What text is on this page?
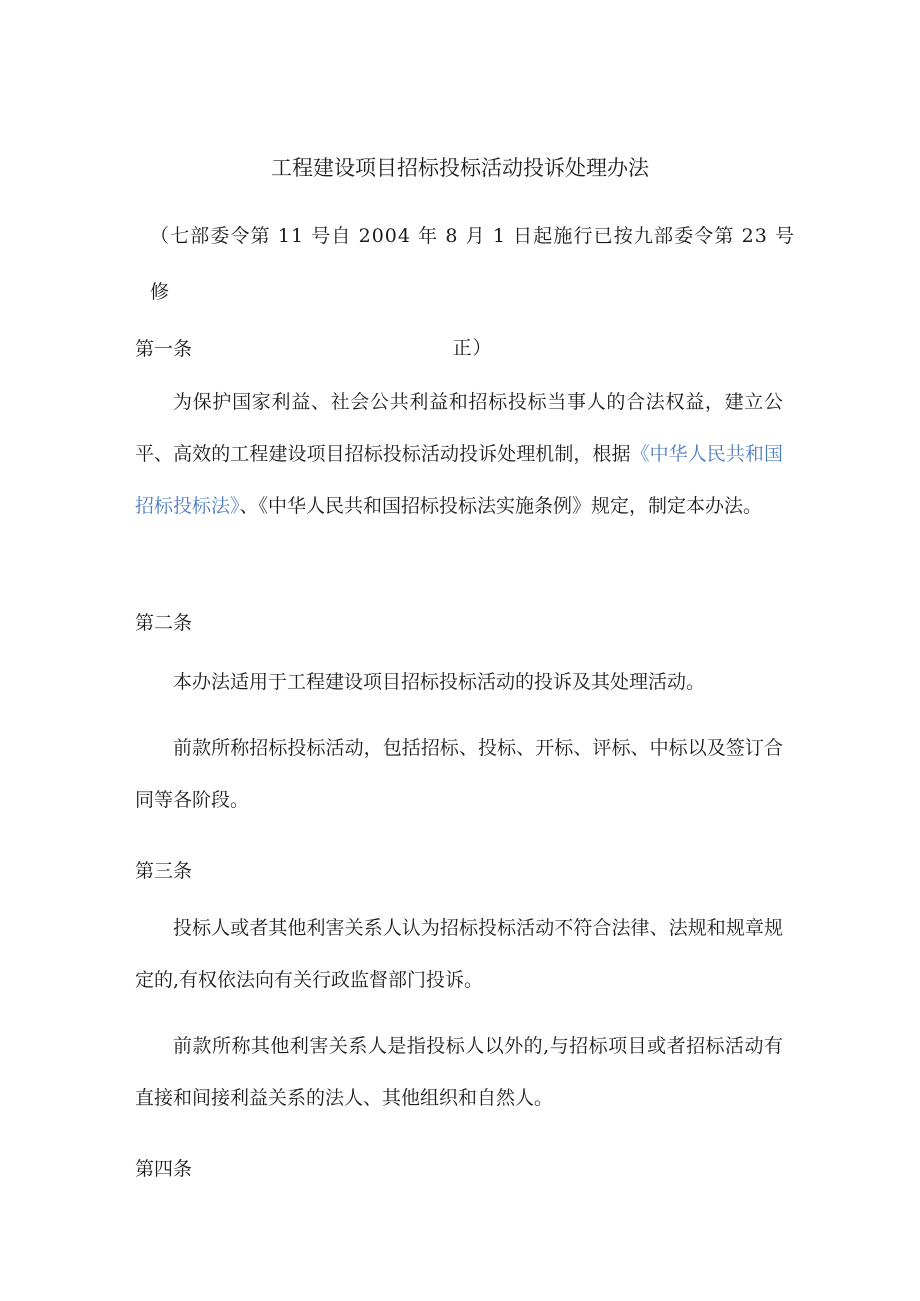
工程建设项目招标投标活动投诉处理办法

（七部委令第 11 号自 2004 年 8 月 1 日起施行已按九部委令第 23 号修
正）

第一条

为保护国家利益、社会公共利益和招标投标当事人的合法权益，建立公平、高效的工程建设项目招标投标活动投诉处理机制，根据《中华人民共和国招标投标法》、《中华人民共和国招标投标法实施条例》规定，制定本办法。

第二条

本办法适用于工程建设项目招标投标活动的投诉及其处理活动。

前款所称招标投标活动，包括招标、投标、开标、评标、中标以及签订合同等各阶段。

第三条

投标人或者其他利害关系人认为招标投标活动不符合法律、法规和规章规定的,有权依法向有关行政监督部门投诉。

前款所称其他利害关系人是指投标人以外的,与招标项目或者招标活动有直接和间接利益关系的法人、其他组织和自然人。

第四条
